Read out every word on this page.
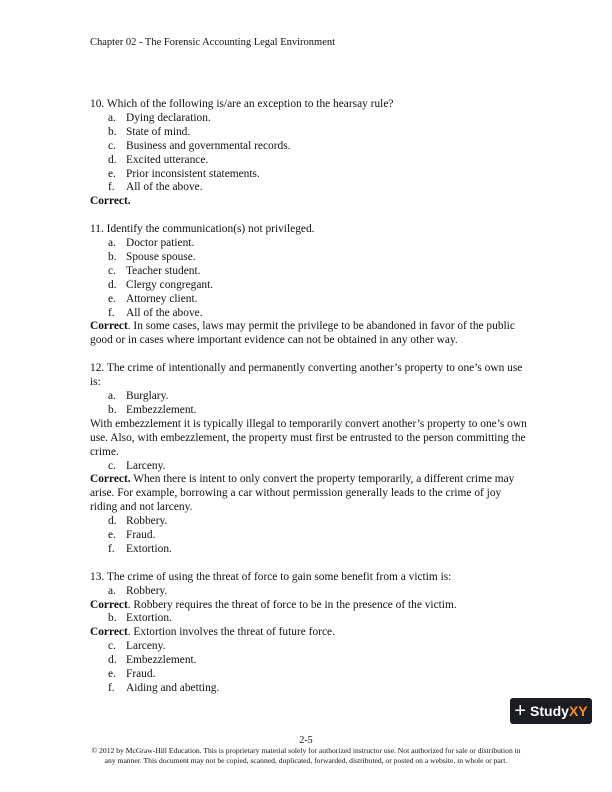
Chapter 02 - The Forensic Accounting Legal Environment

10. Which of the following is/are an exception to the hearsay rule?

a. Dying declaration.
b. State of mind.
c. Business and governmental records.
d. Excited utterance.
e. Prior inconsistent statements.
f. All of the above.

Correct.

11. Identify the communication(s) not privileged.

a. Doctor patient.
b. Spouse spouse.
c. Teacher student.
d. Clergy congregant.
e. Attorney client.
f. All of the above.

Correct. In some cases, laws may permit the privilege to be abandoned in favor of the public good or in cases where important evidence can not be obtained in any other way.

12. The crime of intentionally and permanently converting another’s property to one’s own use is:

a. Burglary.
b. Embezzlement.

With embezzlement it is typically illegal to temporarily convert another’s property to one’s own use. Also, with embezzlement, the property must first be entrusted to the person committing the crime.

c. Larceny.

Correct. When there is intent to only convert the property temporarily, a different crime may arise. For example, borrowing a car without permission generally leads to the crime of joy riding and not larceny.

d. Robbery.
e. Fraud.
f. Extortion.

13. The crime of using the threat of force to gain some benefit from a victim is:

a. Robbery.

Correct. Robbery requires the threat of force to be in the presence of the victim.

b. Extortion.

Correct. Extortion involves the threat of future force.

c. Larceny.
d. Embezzlement.
e. Fraud.
f. Aiding and abetting.
+ Study XY
2-5
© 2012 by McGraw-Hill Education. This is proprietary material solely for authorized instructor use. Not authorized for sale or distribution in any manner. This document may not be copied, scanned, duplicated, forwarded, distributed, or posted on a website, in whole or part.
